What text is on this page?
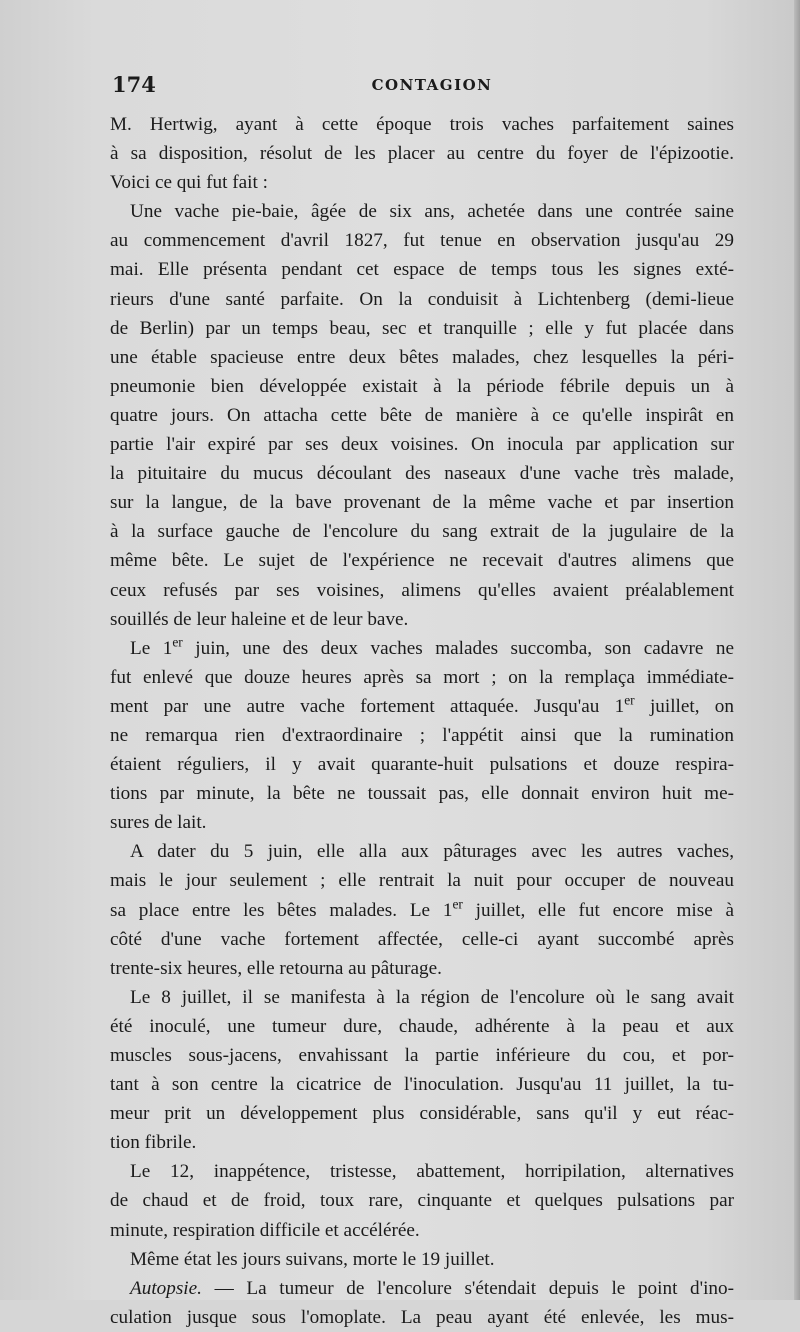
174	CONTAGION

M. Hertwig, ayant à cette époque trois vaches parfaitement saines
à sa disposition, résolut de les placer au centre du foyer de l'épizootie.
Voici ce qui fut fait :

Une vache pie-baie, âgée de six ans, achetée dans une contrée saine
au commencement d'avril 1827, fut tenue en observation jusqu'au 29
mai. Elle présenta pendant cet espace de temps tous les signes exté-
rieurs d'une santé parfaite. On la conduisit à Lichtenberg (demi-lieue
de Berlin) par un temps beau, sec et tranquille ; elle y fut placée dans
une étable spacieuse entre deux bêtes malades, chez lesquelles la péri-
pneumonie bien développée existait à la période fébrile depuis un à
quatre jours. On attacha cette bête de manière à ce qu'elle inspirât en
partie l'air expiré par ses deux voisines. On inocula par application sur
la pituitaire du mucus découlant des naseaux d'une vache très malade,
sur la langue, de la bave provenant de la même vache et par insertion
à la surface gauche de l'encolure du sang extrait de la jugulaire de la
même bête. Le sujet de l'expérience ne recevait d'autres alimens que
ceux refusés par ses voisines, alimens qu'elles avaient préalablement
souillés de leur haleine et de leur bave.

Le 1er juin, une des deux vaches malades succomba, son cadavre ne
fut enlevé que douze heures après sa mort ; on la remplaça immédiate-
ment par une autre vache fortement attaquée. Jusqu'au 1er juillet, on
ne remarqua rien d'extraordinaire ; l'appétit ainsi que la rumination
étaient réguliers, il y avait quarante-huit pulsations et douze respira-
tions par minute, la bête ne toussait pas, elle donnait environ huit me-
sures de lait.

A dater du 5 juin, elle alla aux pâturages avec les autres vaches,
mais le jour seulement ; elle rentrait la nuit pour occuper de nouveau
sa place entre les bêtes malades. Le 1er juillet, elle fut encore mise à
côté d'une vache fortement affectée, celle-ci ayant succombé après
trente-six heures, elle retourna au pâturage.

Le 8 juillet, il se manifesta à la région de l'encolure où le sang avait
été inoculé, une tumeur dure, chaude, adhérente à la peau et aux
muscles sous-jacens, envahissant la partie inférieure du cou, et por-
tant à son centre la cicatrice de l'inoculation. Jusqu'au 11 juillet, la tu-
meur prit un développement plus considérable, sans qu'il y eut réac-
tion fibrile.

Le 12, inappétence, tristesse, abattement, horripilation, alternatives
de chaud et de froid, toux rare, cinquante et quelques pulsations par
minute, respiration difficile et accélérée.

Même état les jours suivans, morte le 19 juillet.

Autopsie. — La tumeur de l'encolure s'étendait depuis le point d'ino-
culation jusque sous l'omoplate. La peau ayant été enlevée, les mus-
